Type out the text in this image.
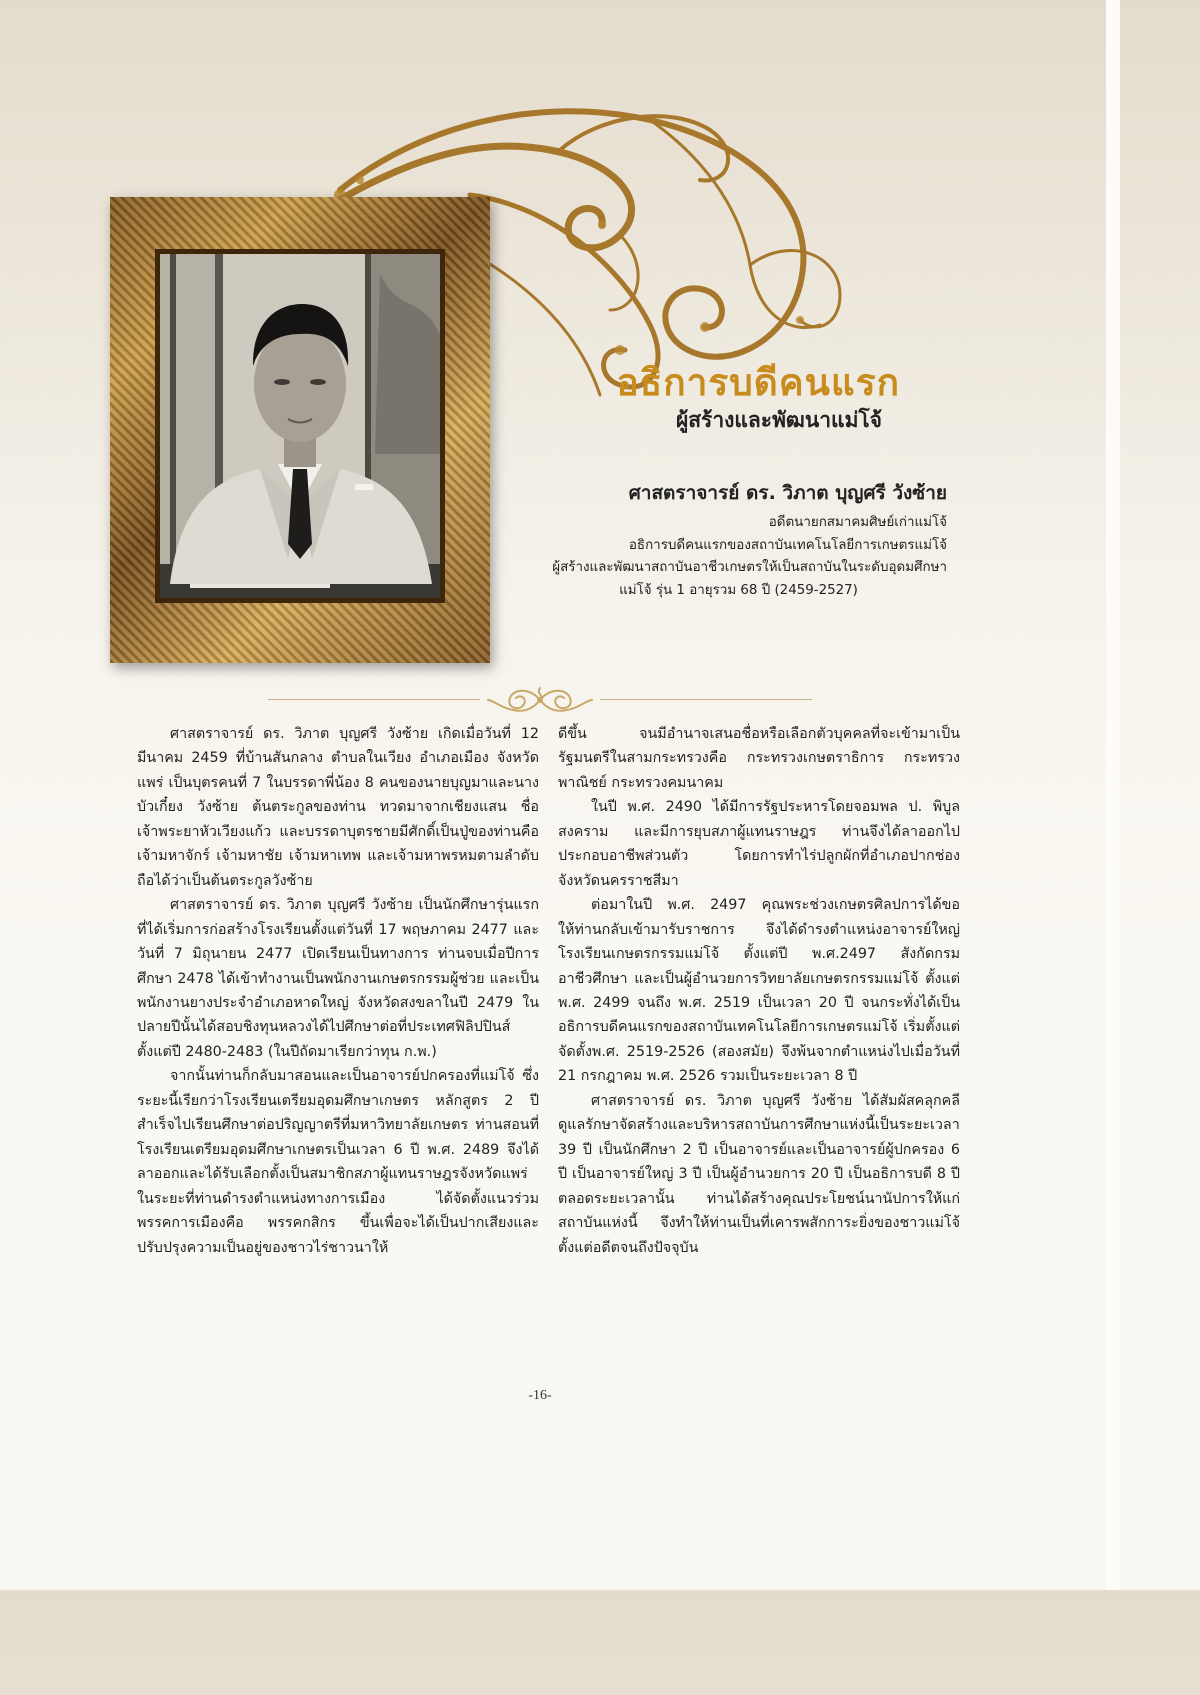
อธิการบดีคนแรก
ผู้สร้างและพัฒนาแม่โจ้

ศาสตราจารย์ ดร. วิภาต บุญศรี วังซ้าย

อดีตนายกสมาคมศิษย์เก่าแม่โจ้

อธิการบดีคนแรกของสถาบันเทคโนโลยีการเกษตรแม่โจ้

ผู้สร้างและพัฒนาสถาบันอาชีวเกษตรให้เป็นสถาบันในระดับอุดมศึกษา

แม่โจ้ รุ่น 1 อายุรวม 68 ปี (2459-2527)

ศาสตราจารย์ ดร. วิภาต บุญศรี วังซ้าย เกิดเมื่อวันที่ 12 มีนาคม 2459 ที่บ้านสันกลาง ตำบลในเวียง อำเภอเมือง จังหวัดแพร่ เป็นบุตรคนที่ 7 ในบรรดาพี่น้อง 8 คนของนายบุญมาและนางบัวเกี๋ยง วังซ้าย ต้นตระกูลของท่าน ทวดมาจากเชียงแสน ชื่อเจ้าพระยาหัวเวียงแก้ว และบรรดาบุตรชายมีศักดิ์เป็นปู่ของท่านคือ เจ้ามหาจักร์ เจ้ามหาชัย เจ้ามหาเทพ และเจ้ามหาพรหมตามลำดับ ถือได้ว่าเป็นต้นตระกูลวังซ้าย

ศาสตราจารย์ ดร. วิภาต บุญศรี วังซ้าย เป็นนักศึกษารุ่นแรกที่ได้เริ่มการก่อสร้างโรงเรียนตั้งแต่วันที่ 17 พฤษภาคม 2477 และวันที่ 7 มิถุนายน 2477 เปิดเรียนเป็นทางการ ท่านจบเมื่อปีการศึกษา 2478 ได้เข้าทำงานเป็นพนักงานเกษตรกรรมผู้ช่วย และเป็นพนักงานยางประจำอำเภอหาดใหญ่ จังหวัดสงขลาในปี 2479 ในปลายปีนั้นได้สอบชิงทุนหลวงได้ไปศึกษาต่อที่ประเทศฟิลิปปินส์ ตั้งแต่ปี 2480-2483 (ในปีถัดมาเรียกว่าทุน ก.พ.)

จากนั้นท่านก็กลับมาสอนและเป็นอาจารย์ปกครองที่แม่โจ้ ซึ่งระยะนี้เรียกว่าโรงเรียนเตรียมอุดมศึกษาเกษตร หลักสูตร 2 ปี สำเร็จไปเรียนศึกษาต่อปริญญาตรีที่มหาวิทยาลัยเกษตร ท่านสอนที่โรงเรียนเตรียมอุดมศึกษาเกษตรเป็นเวลา 6 ปี พ.ศ. 2489 จึงได้ลาออกและได้รับเลือกตั้งเป็นสมาชิกสภาผู้แทนราษฎรจังหวัดแพร่ ในระยะที่ท่านดำรงตำแหน่งทางการเมือง ได้จัดตั้งแนวร่วมพรรคการเมืองคือ พรรคกสิกร ขึ้นเพื่อจะได้เป็นปากเสียงและปรับปรุงความเป็นอยู่ของชาวไร่ชาวนาให้

ดีขึ้น จนมีอำนาจเสนอชื่อหรือเลือกตัวบุคคลที่จะเข้ามาเป็นรัฐมนตรีในสามกระทรวงคือ กระทรวงเกษตราธิการ กระทรวงพาณิชย์ กระทรวงคมนาคม

ในปี พ.ศ. 2490 ได้มีการรัฐประหารโดยจอมพล ป. พิบูลสงคราม และมีการยุบสภาผู้แทนราษฎร ท่านจึงได้ลาออกไปประกอบอาชีพส่วนตัว โดยการทำไร่ปลูกผักที่อำเภอปากช่อง จังหวัดนครราชสีมา

ต่อมาในปี พ.ศ. 2497 คุณพระช่วงเกษตรศิลปการได้ขอให้ท่านกลับเข้ามารับราชการ จึงได้ดำรงตำแหน่งอาจารย์ใหญ่โรงเรียนเกษตรกรรมแม่โจ้ ตั้งแต่ปี พ.ศ.2497 สังกัดกรมอาชีวศึกษา และเป็นผู้อำนวยการวิทยาลัยเกษตรกรรมแม่โจ้ ตั้งแต่ พ.ศ. 2499 จนถึง พ.ศ. 2519 เป็นเวลา 20 ปี จนกระทั่งได้เป็นอธิการบดีคนแรกของสถาบันเทคโนโลยีการเกษตรแม่โจ้ เริ่มตั้งแต่จัดตั้งพ.ศ. 2519-2526 (สองสมัย) จึงพ้นจากตำแหน่งไปเมื่อวันที่ 21 กรกฎาคม พ.ศ. 2526 รวมเป็นระยะเวลา 8 ปี

ศาสตราจารย์ ดร. วิภาต บุญศรี วังซ้าย ได้สัมผัสคลุกคลี ดูแลรักษาจัดสร้างและบริหารสถาบันการศึกษาแห่งนี้เป็นระยะเวลา 39 ปี เป็นนักศึกษา 2 ปี เป็นอาจารย์และเป็นอาจารย์ผู้ปกครอง 6 ปี เป็นอาจารย์ใหญ่ 3 ปี เป็นผู้อำนวยการ 20 ปี เป็นอธิการบดี 8 ปี ตลอดระยะเวลานั้น ท่านได้สร้างคุณประโยชน์นานัปการให้แก่สถาบันแห่งนี้ จึงทำให้ท่านเป็นที่เคารพสักการะยิ่งของชาวแม่โจ้ตั้งแต่อดีตจนถึงปัจจุบัน

-16-
